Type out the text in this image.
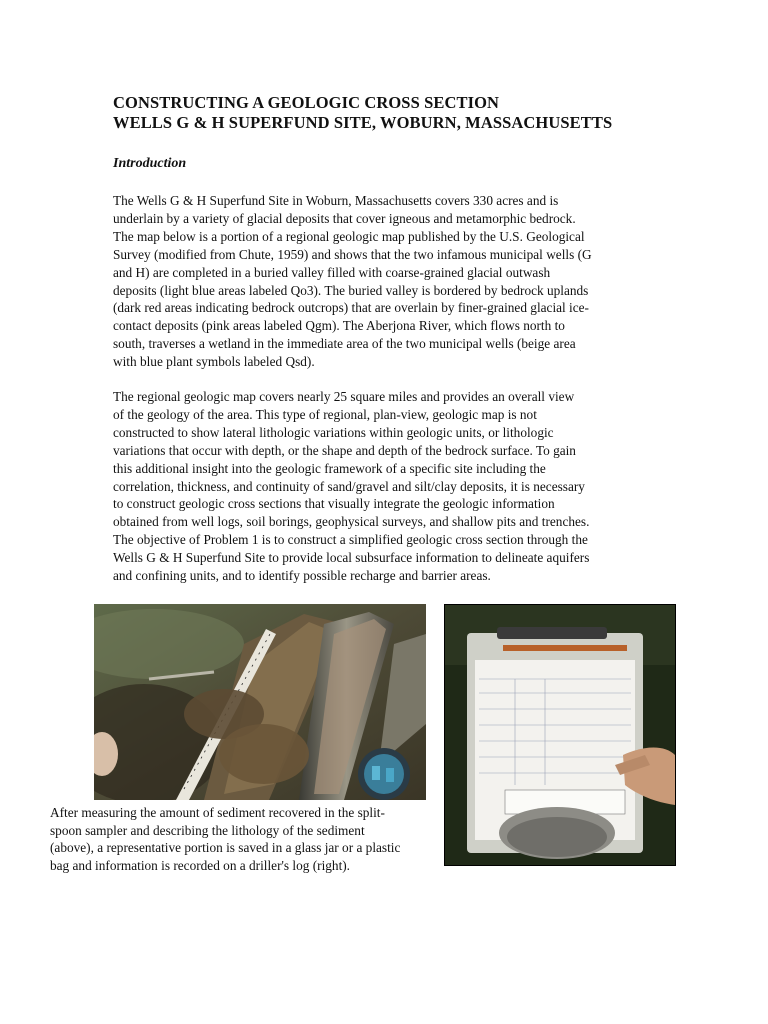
CONSTRUCTING A GEOLOGIC CROSS SECTION
WELLS G & H SUPERFUND SITE, WOBURN, MASSACHUSETTS
Introduction
The Wells G & H Superfund Site in Woburn, Massachusetts covers 330 acres and is
underlain by a variety of glacial deposits that cover igneous and metamorphic bedrock.
The map below is a portion of a regional geologic map published by the U.S. Geological
Survey (modified from Chute, 1959) and shows that the two infamous municipal wells (G
and H) are completed in a buried valley filled with coarse-grained glacial outwash
deposits (light blue areas labeled Qo3). The buried valley is bordered by bedrock uplands
(dark red areas indicating bedrock outcrops) that are overlain by finer-grained glacial ice-
contact deposits (pink areas labeled Qgm). The Aberjona River, which flows north to
south, traverses a wetland in the immediate area of the two municipal wells (beige area
with blue plant symbols labeled Qsd).
The regional geologic map covers nearly 25 square miles and provides an overall view
of the geology of the area. This type of regional, plan-view, geologic map is not
constructed to show lateral lithologic variations within geologic units, or lithologic
variations that occur with depth, or the shape and depth of the bedrock surface. To gain
this additional insight into the geologic framework of a specific site including the
correlation, thickness, and continuity of sand/gravel and silt/clay deposits, it is necessary
to construct geologic cross sections that visually integrate the geologic information
obtained from well logs, soil borings, geophysical surveys, and shallow pits and trenches.
The objective of Problem 1 is to construct a simplified geologic cross section through the
Wells G & H Superfund Site to provide local subsurface information to delineate aquifers
and confining units, and to identify possible recharge and barrier areas.
After measuring the amount of sediment recovered in the split-
spoon sampler and describing the lithology of the sediment
(above), a representative portion is saved in a glass jar or a plastic
bag and information is recorded on a driller's log (right).
